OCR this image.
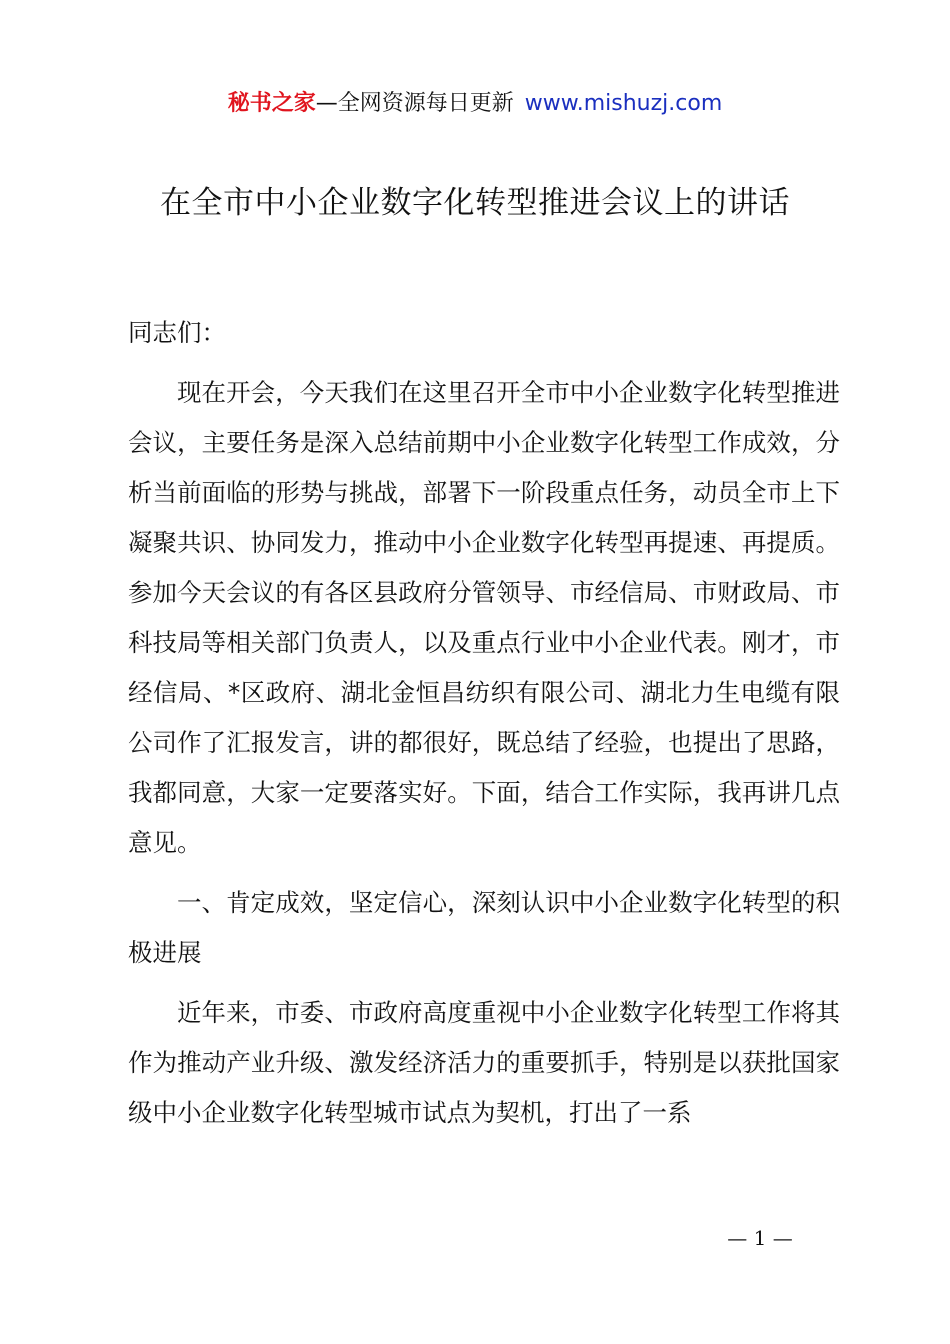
秘书之家—全网资源每日更新 www.mishuzj.com
在全市中小企业数字化转型推进会议上的讲话

同志们：

现在开会，今天我们在这里召开全市中小企业数字化转型推进会议，主要任务是深入总结前期中小企业数字化转型工作成效，分析当前面临的形势与挑战，部署下一阶段重点任务，动员全市上下凝聚共识、协同发力，推动中小企业数字化转型再提速、再提质。参加今天会议的有各区县政府分管领导、市经信局、市财政局、市科技局等相关部门负责人，以及重点行业中小企业代表。刚才，市经信局、*区政府、湖北金恒昌纺织有限公司、湖北力生电缆有限公司作了汇报发言，讲的都很好，既总结了经验，也提出了思路，我都同意，大家一定要落实好。下面，结合工作实际，我再讲几点意见。

一、肯定成效，坚定信心，深刻认识中小企业数字化转型的积极进展

近年来，市委、市政府高度重视中小企业数字化转型工作将其作为推动产业升级、激发经济活力的重要抓手，特别是以获批国家级中小企业数字化转型城市试点为契机，打出了一系

— 1 —
